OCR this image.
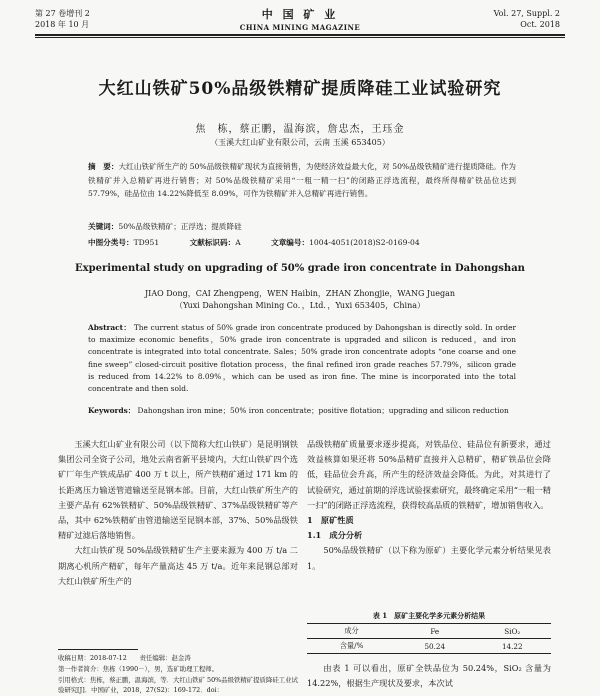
第 27 卷增刊 2
2018 年 10 月
中 国 矿 业
CHINA MINING MAGAZINE
Vol. 27, Suppl. 2
Oct. 2018
大红山铁矿50%品级铁精矿提质降硅工业试验研究
焦　栋，蔡正鹏，温海滨，詹忠杰，王珏金
（玉溪大红山矿业有限公司，云南 玉溪 653405）
摘　要：大红山铁矿所生产的 50%品级铁精矿现状为直接销售，为使经济效益最大化，对 50%品级铁精矿进行提质降硅。作为铁精矿并入总精矿再进行销售；对 50%品级铁精矿采用“一粗一精一扫”的闭路正浮选流程，最终所得精矿铁品位达到 57.79%，硅品位由 14.22%降低至 8.09%，可作为铁精矿并入总精矿再进行销售。
关键词：50%品级铁精矿；正浮选；提质降硅
中图分类号：TD951	文献标识码：A	文章编号：1004-4051(2018)S2-0169-04
Experimental study on upgrading of 50% grade iron concentrate in Dahongshan
JIAO Dong，CAI Zhengpeng，WEN Haibin，ZHAN Zhongjie，WANG Juegan
（Yuxi Dahongshan Mining Co．，Ltd．，Yuxi 653405，China）
Abstract： The current status of 50% grade iron concentrate produced by Dahongshan is directly sold. In order to maximize economic benefits，50% grade iron concentrate is upgraded and silicon is reduced，and iron concentrate is integrated into total concentrate. Sales；50% grade iron concentrate adopts “one coarse and one fine sweep” closed-circuit positive flotation process，the final refined iron grade reaches 57.79%，silicon grade is reduced from 14.22% to 8.09%，which can be used as iron fine. The mine is incorporated into the total concentrate and then sold.
Keywords： Dahongshan iron mine；50% iron concentrate；positive flotation；upgrading and silicon reduction

玉溪大红山矿业有限公司（以下简称大红山铁矿）是昆明钢铁集团公司全资子公司，地处云南省新平县境内，大红山铁矿四个选矿厂年生产铁成品矿 400 万 t 以上，所产铁精矿通过 171 km 的长距离压力输送管道输送至昆钢本部。目前，大红山铁矿所生产的主要产品有 62%铁精矿、50%品级铁精矿、37%品级铁精矿等产品，其中 62%铁精矿由管道输送至昆钢本部，37%、50%品级铁精矿过滤后落地销售。

大红山铁矿现 50%品级铁精矿生产主要来源为 400 万 t/a 二期离心机所产精矿，每年产量高达 45 万 t/a。近年来昆钢总部对大红山铁矿所生产的

品级铁精矿质量要求逐步提高，对铁品位、硅品位有新要求，通过效益核算如果还将 50%品精矿直接并入总精矿，精矿铁品位会降低，硅品位会升高，所产生的经济效益会降低。为此，对其进行了试验研究，通过前期的浮选试验探索研究，最终确定采用“一粗一精一扫”的闭路正浮选流程，获得较高品质的铁精矿，增加销售收入。

1　原矿性质

1.1　成分分析

50%品级铁精矿（以下称为原矿）主要化学元素分析结果见表 1。

表 1　原矿主要化学多元素分析结果
成分	Fe	SiO₂
含量/%	50.24	14.22

由表 1 可以看出，原矿全铁品位为 50.24%，SiO₂ 含量为 14.22%，根据生产现状及要求，本次试

收稿日期：2018-07-12　　责任编辑：赵金涛
第一作者简介：焦栋（1990－），男，选矿助理工程师。
引用格式：焦栋，蔡正鹏，温海滨，等．大红山铁矿 50%品级铁精矿提质降硅工业试验研究[J]．中国矿业，2018，27(S2)：169-172．doi：
